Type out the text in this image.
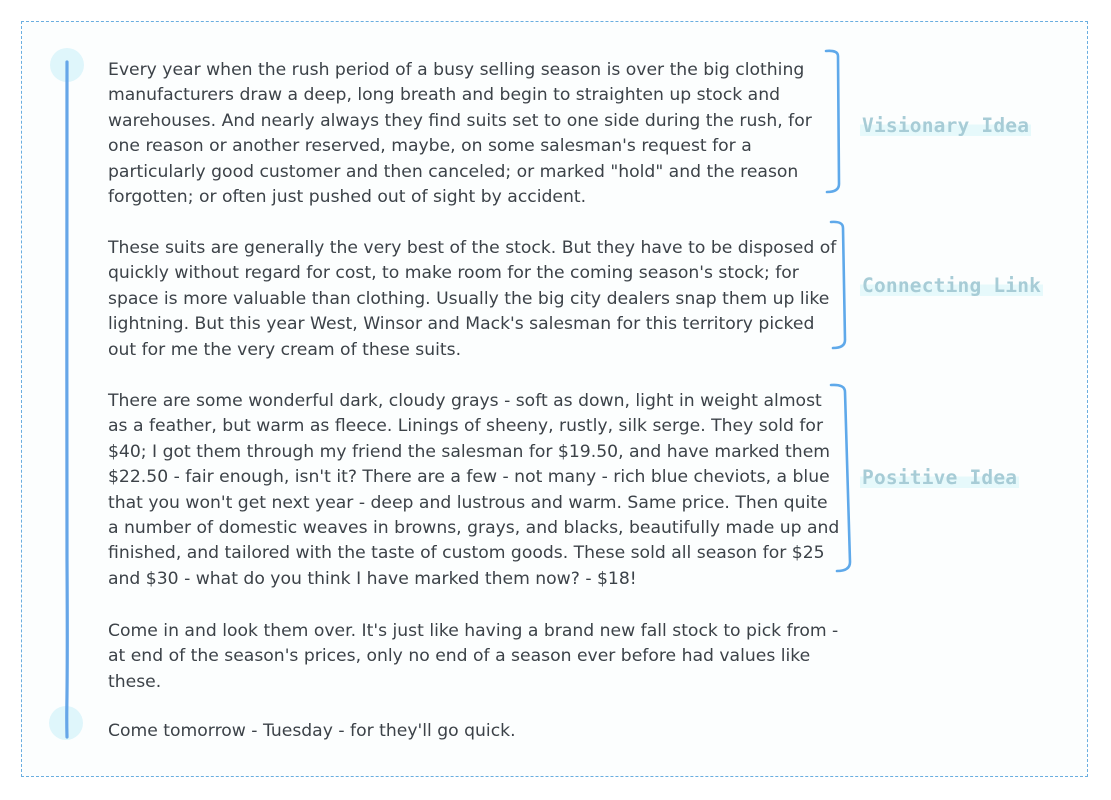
Every year when the rush period of a busy selling season is over the big clothing manufacturers draw a deep, long breath and begin to straighten up stock and warehouses. And nearly always they find suits set to one side during the rush, for one reason or another reserved, maybe, on some salesman's request for a particularly good customer and then canceled; or marked "hold" and the reason forgotten; or often just pushed out of sight by accident.

These suits are generally the very best of the stock. But they have to be disposed of quickly without regard for cost, to make room for the coming season's stock; for space is more valuable than clothing. Usually the big city dealers snap them up like lightning. But this year West, Winsor and Mack's salesman for this territory picked out for me the very cream of these suits.

There are some wonderful dark, cloudy grays - soft as down, light in weight almost as a feather, but warm as fleece. Linings of sheeny, rustly, silk serge. They sold for $40; I got them through my friend the salesman for $19.50, and have marked them $22.50 - fair enough, isn't it? There are a few - not many - rich blue cheviots, a blue that you won't get next year - deep and lustrous and warm. Same price. Then quite a number of domestic weaves in browns, grays, and blacks, beautifully made up and finished, and tailored with the taste of custom goods. These sold all season for $25 and $30 - what do you think I have marked them now? - $18!

Come in and look them over. It's just like having a brand new fall stock to pick from - at end of the season's prices, only no end of a season ever before had values like these.

Come tomorrow - Tuesday - for they'll go quick.

Visionary Idea
Connecting Link
Positive Idea
